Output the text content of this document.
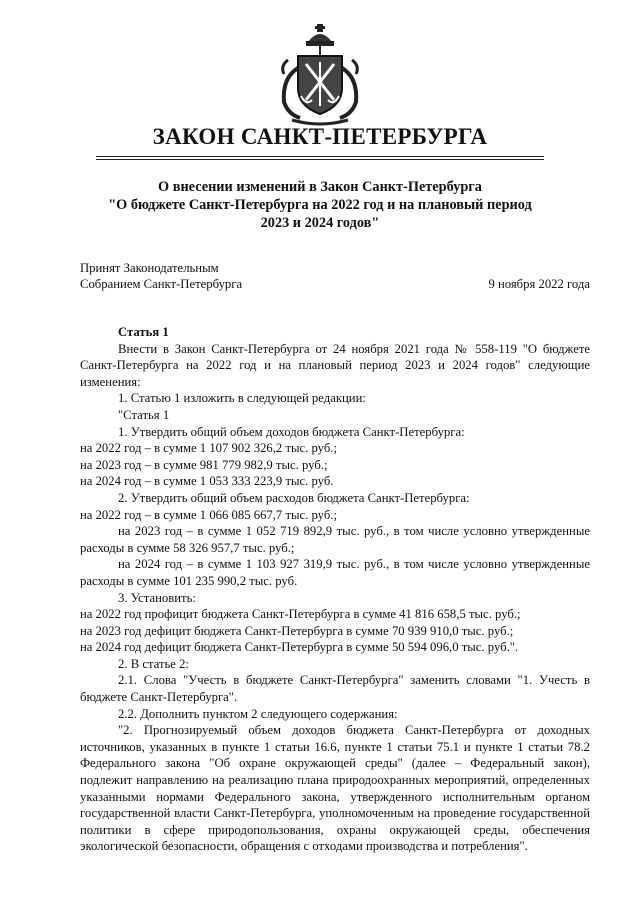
ЗАКОН САНКТ-ПЕТЕРБУРГА
О внесении изменений в Закон Санкт-Петербурга
"О бюджете Санкт-Петербурга на 2022 год и на плановый период
2023 и 2024 годов"
Принят Законодательным
Собранием Санкт-Петербурга	9 ноября 2022 года
Статья 1
Внести в Закон Санкт-Петербурга от 24 ноября 2021 года № 558-119 "О бюджете Санкт-Петербурга на 2022 год и на плановый период 2023 и 2024 годов" следующие изменения:
1. Статью 1 изложить в следующей редакции:
"Статья 1
1. Утвердить общий объем доходов бюджета Санкт-Петербурга:
на 2022 год – в сумме 1 107 902 326,2 тыс. руб.;
на 2023 год – в сумме 981 779 982,9 тыс. руб.;
на 2024 год – в сумме 1 053 333 223,9 тыс. руб.
2. Утвердить общий объем расходов бюджета Санкт-Петербурга:
на 2022 год – в сумме 1 066 085 667,7 тыс. руб.;
на 2023 год – в сумме 1 052 719 892,9 тыс. руб., в том числе условно утвержденные расходы в сумме 58 326 957,7 тыс. руб.;
на 2024 год – в сумме 1 103 927 319,9 тыс. руб., в том числе условно утвержденные расходы в сумме 101 235 990,2 тыс. руб.
3. Установить:
на 2022 год профицит бюджета Санкт-Петербурга в сумме 41 816 658,5 тыс. руб.;
на 2023 год дефицит бюджета Санкт-Петербурга в сумме 70 939 910,0 тыс. руб.;
на 2024 год дефицит бюджета Санкт-Петербурга в сумме 50 594 096,0 тыс. руб.".
2. В статье 2:
2.1. Слова "Учесть в бюджете Санкт-Петербурга" заменить словами "1. Учесть в бюджете Санкт-Петербурга".
2.2. Дополнить пунктом 2 следующего содержания:
"2. Прогнозируемый объем доходов бюджета Санкт-Петербурга от доходных источников, указанных в пункте 1 статьи 16.6, пункте 1 статьи 75.1 и пункте 1 статьи 78.2 Федерального закона "Об охране окружающей среды" (далее – Федеральный закон), подлежит направлению на реализацию плана природоохранных мероприятий, определенных указанными нормами Федерального закона, утвержденного исполнительным органом государственной власти Санкт-Петербурга, уполномоченным на проведение государственной политики в сфере природопользования, охраны окружающей среды, обеспечения экологической безопасности, обращения с отходами производства и потребления".
